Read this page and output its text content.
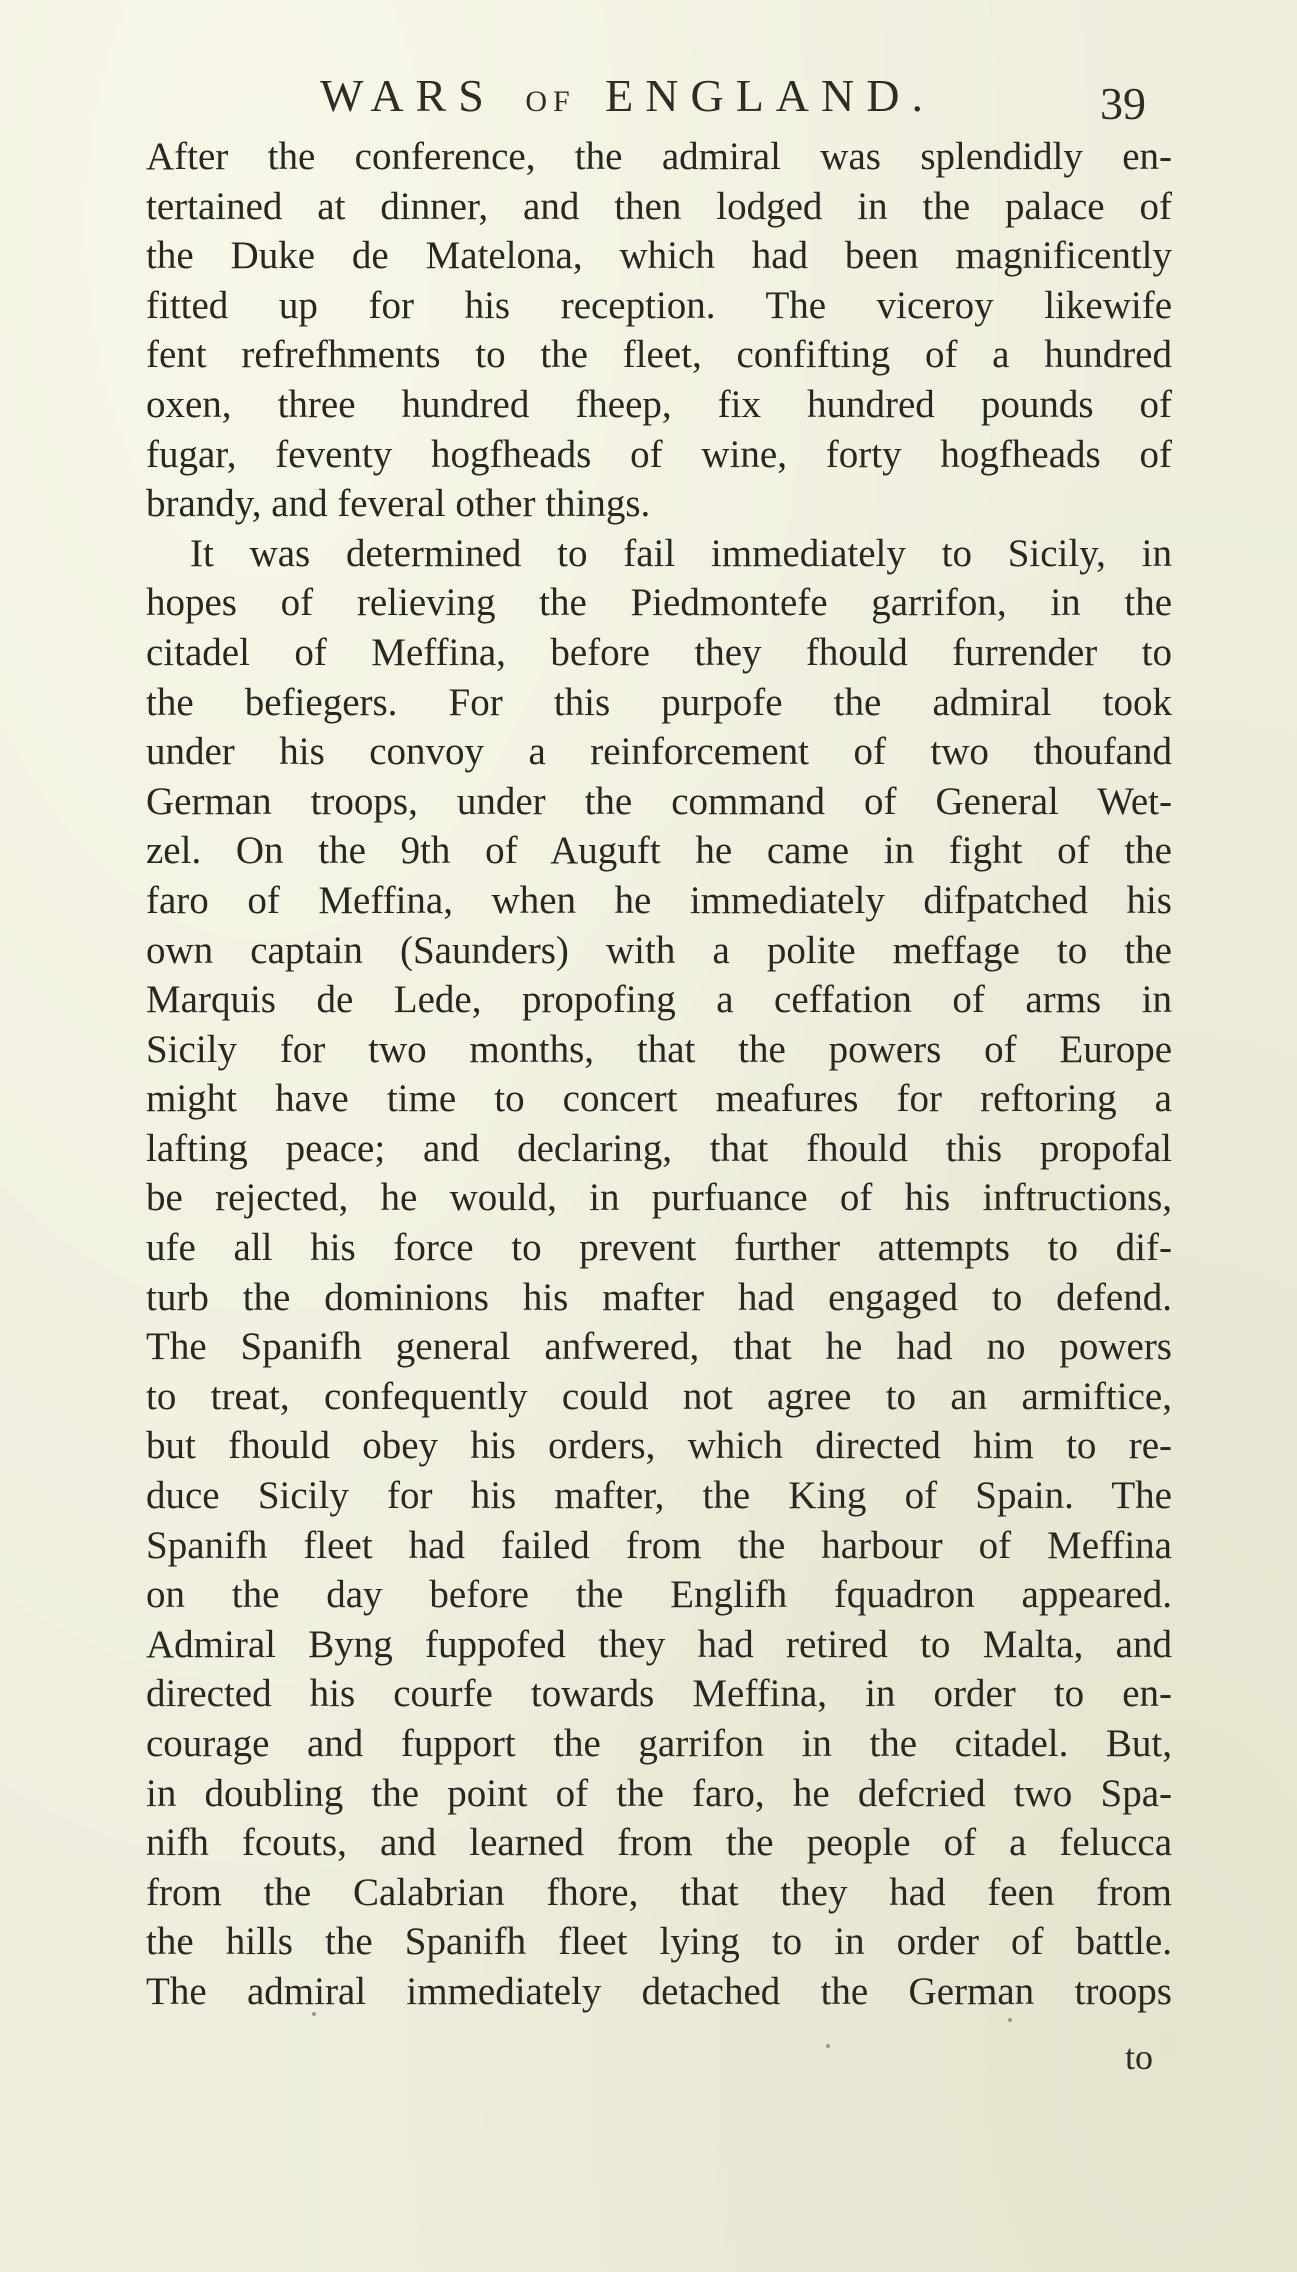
WARS OF ENGLAND.	39
After the conference, the admiral was splendidly en-
tertained at dinner, and then lodged in the palace of
the Duke de Matelona, which had been magnificently
fitted up for his reception. The viceroy likewife
fent refrefhments to the fleet, confifting of a hundred
oxen, three hundred fheep, fix hundred pounds of
fugar, feventy hogfheads of wine, forty hogfheads of
brandy, and feveral other things.
It was determined to fail immediately to Sicily, in
hopes of relieving the Piedmontefe garrifon, in the
citadel of Meffina, before they fhould furrender to
the befiegers. For this purpofe the admiral took
under his convoy a reinforcement of two thoufand
German troops, under the command of General Wet-
zel. On the 9th of Auguft he came in fight of the
faro of Meffina, when he immediately difpatched his
own captain (Saunders) with a polite meffage to the
Marquis de Lede, propofing a ceffation of arms in
Sicily for two months, that the powers of Europe
might have time to concert meafures for reftoring a
lafting peace; and declaring, that fhould this propofal
be rejected, he would, in purfuance of his inftructions,
ufe all his force to prevent further attempts to dif-
turb the dominions his mafter had engaged to defend.
The Spanifh general anfwered, that he had no powers
to treat, confequently could not agree to an armiftice,
but fhould obey his orders, which directed him to re-
duce Sicily for his mafter, the King of Spain. The
Spanifh fleet had failed from the harbour of Meffina
on the day before the Englifh fquadron appeared.
Admiral Byng fuppofed they had retired to Malta, and
directed his courfe towards Meffina, in order to en-
courage and fupport the garrifon in the citadel. But,
in doubling the point of the faro, he defcried two Spa-
nifh fcouts, and learned from the people of a felucca
from the Calabrian fhore, that they had feen from
the hills the Spanifh fleet lying to in order of battle.
The admiral immediately detached the German troops
to
